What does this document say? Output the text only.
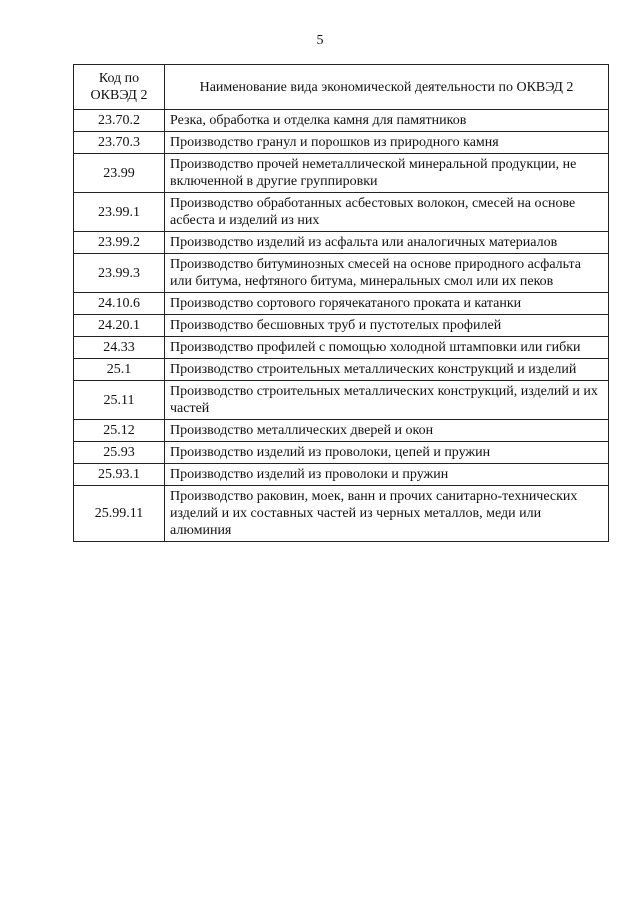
5
Код по
ОКВЭД 2	Наименование вида экономической деятельности по ОКВЭД 2
23.70.2	Резка, обработка и отделка камня для памятников
23.70.3	Производство гранул и порошков из природного камня
23.99	Производство прочей неметаллической минеральной продукции, не включенной в другие группировки
23.99.1	Производство обработанных асбестовых волокон, смесей на основе асбеста и изделий из них
23.99.2	Производство изделий из асфальта или аналогичных материалов
23.99.3	Производство битуминозных смесей на основе природного асфальта или битума, нефтяного битума, минеральных смол или их пеков
24.10.6	Производство сортового горячекатаного проката и катанки
24.20.1	Производство бесшовных труб и пустотелых профилей
24.33	Производство профилей с помощью холодной штамповки или гибки
25.1	Производство строительных металлических конструкций и изделий
25.11	Производство строительных металлических конструкций, изделий и их частей
25.12	Производство металлических дверей и окон
25.93	Производство изделий из проволоки, цепей и пружин
25.93.1	Производство изделий из проволоки и пружин
25.99.11	Производство раковин, моек, ванн и прочих санитарно-технических изделий и их составных частей из черных металлов, меди или алюминия
